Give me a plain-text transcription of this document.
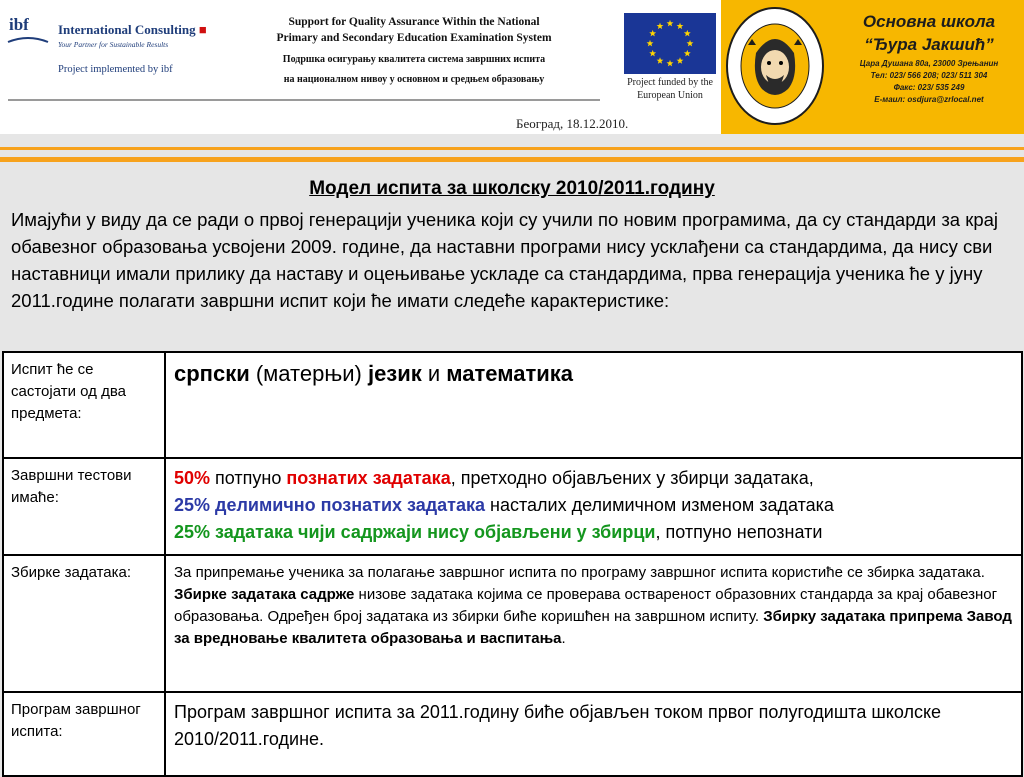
ibf International Consulting ■
Your Partner for Sustainable Results
Project implemented by ibf
Support for Quality Assurance Within the National
Primary and Secondary Education Examination System
Подршка осигурању квалитета система завршних испита
на националном нивоу у основном и средњем образовању
Београд, 18.12.2010.
Project funded by the
European Union
Основна школа
“Ђура Јакшић”
Цара Душана 80а, 23000 Зрењанин
Тел: 023/ 566 208; 023/ 511 304
Факс: 023/ 535 249
Е-маил: osdjura@zrlocal.net
Модел испита за школску 2010/2011.годину
Имајући у виду да се ради о првој генерацији ученика који су учили по новим програмима, да су стандарди за крај обавезног образовања усвојени 2009. године, да наставни програми нису усклађени са стандардима, да нису сви наставници имали прилику да наставу и оцењивање ускладе са стандардима, прва генерација ученика ће у јуну 2011.године полагати завршни испит који ће имати следеће карактеристике:
Испит ће се састојати од два предмета:	српски (матерњи) језик и математика
Завршни тестови имаће:	50% потпуно познатих задатака, претходно објављених у збирци задатака,
25% делимично познатих задатака насталих делимичном изменом задатака
25% задатака чији садржаји нису објављени у збирци, потпуно непознати

Збирке задатака:	За припремање ученика за полагање завршног испита по програму завршног испита користиће се збирка задатака. Збирке задатака садрже низове задатака којима се проверава оствареност образовних стандарда за крај обавезног образовања. Одређен број задатака из збирки биће коришћен на завршном испиту. Збирку задатака припрема Завод за вредновање квалитета образовања и васпитања.
Програм завршног испита:	Програм завршног испита за 2011.годину биће објављен током првог полугодишта школске 2010/2011.године.
